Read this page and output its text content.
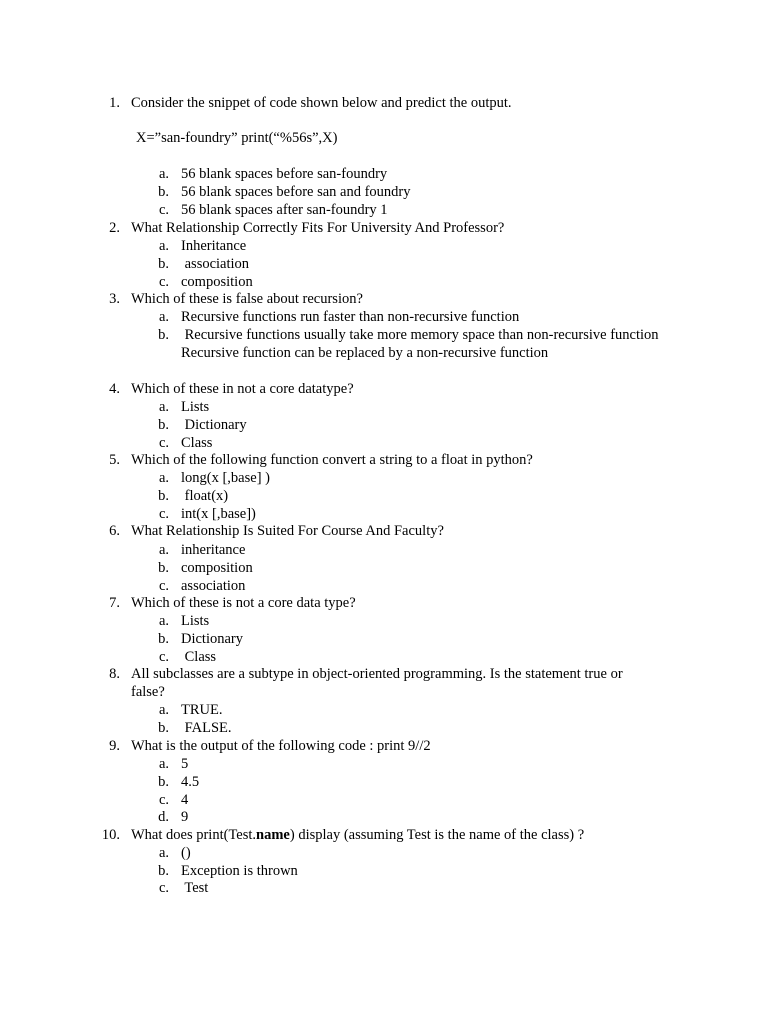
1. Consider the snippet of code shown below and predict the output.
X=”san-foundry” print(“%56s”,X)
a. 56 blank spaces before san-foundry
b. 56 blank spaces before san and foundry
c. 56 blank spaces after san-foundry 1
2. What Relationship Correctly Fits For University And Professor?
a. Inheritance
b. association
c. composition
3. Which of these is false about recursion?
a. Recursive functions run faster than non-recursive function
b. Recursive functions usually take more memory space than non-recursive function
Recursive function can be replaced by a non-recursive function
4. Which of these in not a core datatype?
a. Lists
b. Dictionary
c. Class
5. Which of the following function convert a string to a float in python?
a. long(x [,base] )
b. float(x)
c. int(x [,base])
6. What Relationship Is Suited For Course And Faculty?
a. inheritance
b. composition
c. association
7. Which of these is not a core data type?
a. Lists
b. Dictionary
c. Class
8. All subclasses are a subtype in object-oriented programming. Is the statement true or
false?
a. TRUE.
b. FALSE.
9. What is the output of the following code : print 9//2
a. 5
b. 4.5
c. 4
d. 9
10. What does print(Test.name) display (assuming Test is the name of the class) ?
a. ()
b. Exception is thrown
c. Test
